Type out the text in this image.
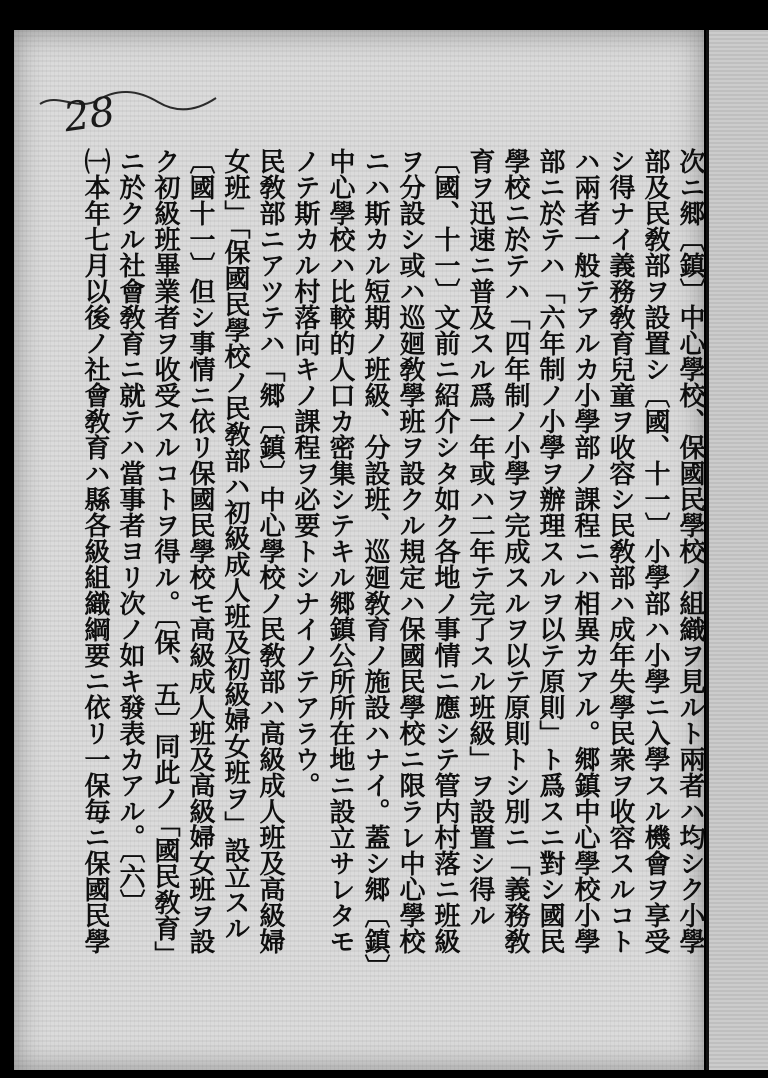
28
次ニ郷〔鎮〕中心學校、保國民學校ノ組織ヲ見ルト兩者ハ均シク小學
部及民敎部ヲ設置シ〔國、十一〕小學部ハ小學ニ入學スル機會ヲ享受
シ得ナイ義務敎育兒童ヲ收容シ民敎部ハ成年失學民衆ヲ收容スルコト
ハ兩者一般テアルカ小學部ノ課程ニハ相異カアル。郷鎮中心學校小學
部ニ於テハ「六年制ノ小學ヲ辦理スルヲ以テ原則」ト爲スニ對シ國民
學校ニ於テハ「四年制ノ小學ヲ完成スルヲ以テ原則トシ別ニ「義務敎
育ヲ迅速ニ普及スル爲一年或ハ二年テ完了スル班級」ヲ設置シ得ル
〔國、十一〕文前ニ紹介シタ如ク各地ノ事情ニ應シテ管内村落ニ班級
ヲ分設シ或ハ巡廻敎學班ヲ設クル規定ハ保國民學校ニ限ラレ中心學校
ニハ斯カル短期ノ班級、分設班、巡廻敎育ノ施設ハナイ。蓋シ郷〔鎮〕
中心學校ハ比較的人口カ密集シテキル郷鎮公所所在地ニ設立サレタモ
ノテ斯カル村落向キノ課程ヲ必要トシナイノテアラウ。
民敎部ニアツテハ「郷〔鎮〕中心學校ノ民敎部ハ高級成人班及高級婦
女班」「保國民學校ノ民敎部ハ初級成人班及初級婦女班ヲ」設立スル
〔國十一〕但シ事情ニ依リ保國民學校モ高級成人班及高級婦女班ヲ設
ク初級班畢業者ヲ收受スルコトヲ得ル。〔保、五〕同此ノ「國民敎育」
ニ於クル社會敎育ニ就テハ當事者ヨリ次ノ如キ發表カアル。〔六〕
㈠本年七月以後ノ社會敎育ハ縣各級組織綱要ニ依リ一保毎ニ保國民學
